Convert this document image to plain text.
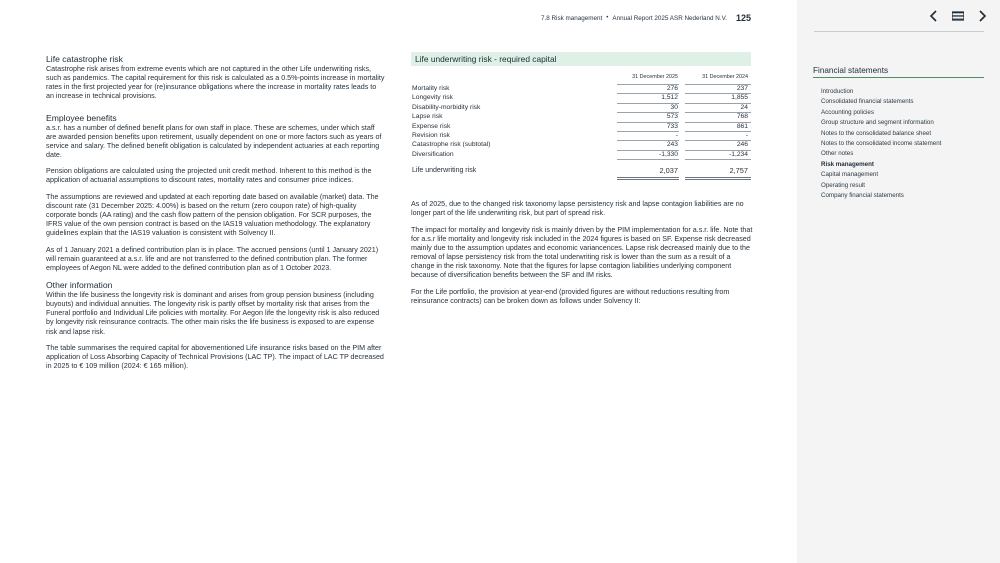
7.8 Risk management • Annual Report 2025 ASR Nederland N.V. 125
Life catastrophe risk

Catastrophe risk arises from extreme events which are not captured in the other Life underwriting risks, such as pandemics. The capital requirement for this risk is calculated as a 0.5%-points increase in mortality rates in the first projected year for (re)insurance obligations where the increase in mortality rates leads to an increase in technical provisions.

Employee benefits

a.s.r. has a number of defined benefit plans for own staff in place. These are schemes, under which staff are awarded pension benefits upon retirement, usually dependent on one or more factors such as years of service and salary. The defined benefit obligation is calculated by independent actuaries at each reporting date.

Pension obligations are calculated using the projected unit credit method. Inherent to this method is the application of actuarial assumptions to discount rates, mortality rates and consumer price indices.

The assumptions are reviewed and updated at each reporting date based on available (market) data. The discount rate (31 December 2025: 4.00%) is based on the return (zero coupon rate) of high-quality corporate bonds (AA rating) and the cash flow pattern of the pension obligation. For SCR purposes, the IFRS value of the own pension contract is based on the IAS19 valuation methodology. The explanatory guidelines explain that the IAS19 valuation is consistent with Solvency II.

As of 1 January 2021 a defined contribution plan is in place. The accrued pensions (until 1 January 2021) will remain guaranteed at a.s.r. life and are not transferred to the defined contribution plan. The former employees of Aegon NL were added to the defined contribution plan as of 1 October 2023.

Other information

Within the life business the longevity risk is dominant and arises from group pension business (including buyouts) and individual annuities. The longevity risk is partly offset by mortality risk that arises from the Funeral portfolio and Individual Life policies with mortality. For Aegon life the longevity risk is also reduced by longevity risk reinsurance contracts. The other main risks the life business is exposed to are expense risk and lapse risk.

The table summarises the required capital for abovementioned Life insurance risks based on the PIM after application of Loss Absorbing Capacity of Technical Provisions (LAC TP). The impact of LAC TP decreased in 2025 to € 109 million (2024: € 165 million).

Life underwriting risk - required capital
31 December 2025	31 December 2024
Mortality risk	276	237
Longevity risk	1,512	1,855
Disability-morbidity risk	30	24
Lapse risk	573	768
Expense risk	733	861
Revision risk	-	-
Catastrophe risk (subtotal)	243	246
Diversification	-1,330	-1,234
Life underwriting risk	2,037	2,757

As of 2025, due to the changed risk taxonomy lapse persistency risk and lapse contagion liabilities are no longer part of the life underwriting risk, but part of spread risk.

The impact for mortality and longevity risk is mainly driven by the PIM implementation for a.s.r. life. Note that for a.s.r life mortality and longevity risk included in the 2024 figures is based on SF. Expense risk decreased mainly due to the assumption updates and economic variancences. Lapse risk decreased mainly due to the removal of lapse persistency risk from the total underwriting risk is lower than the sum as a result of a change in the risk taxonomy. Note that the figures for lapse contagion liabilities underlying component because of diversification benefits between the SF and IM risks.

For the Life portfolio, the provision at year-end (provided figures are without reductions resulting from reinsurance contracts) can be broken down as follows under Solvency II:

Financial statements
Introduction
Consolidated financial statements
Accounting policies
Group structure and segment information
Notes to the consolidated balance sheet
Notes to the consolidated income statement
Other notes
Risk management
Capital management
Operating result
Company financial statements
